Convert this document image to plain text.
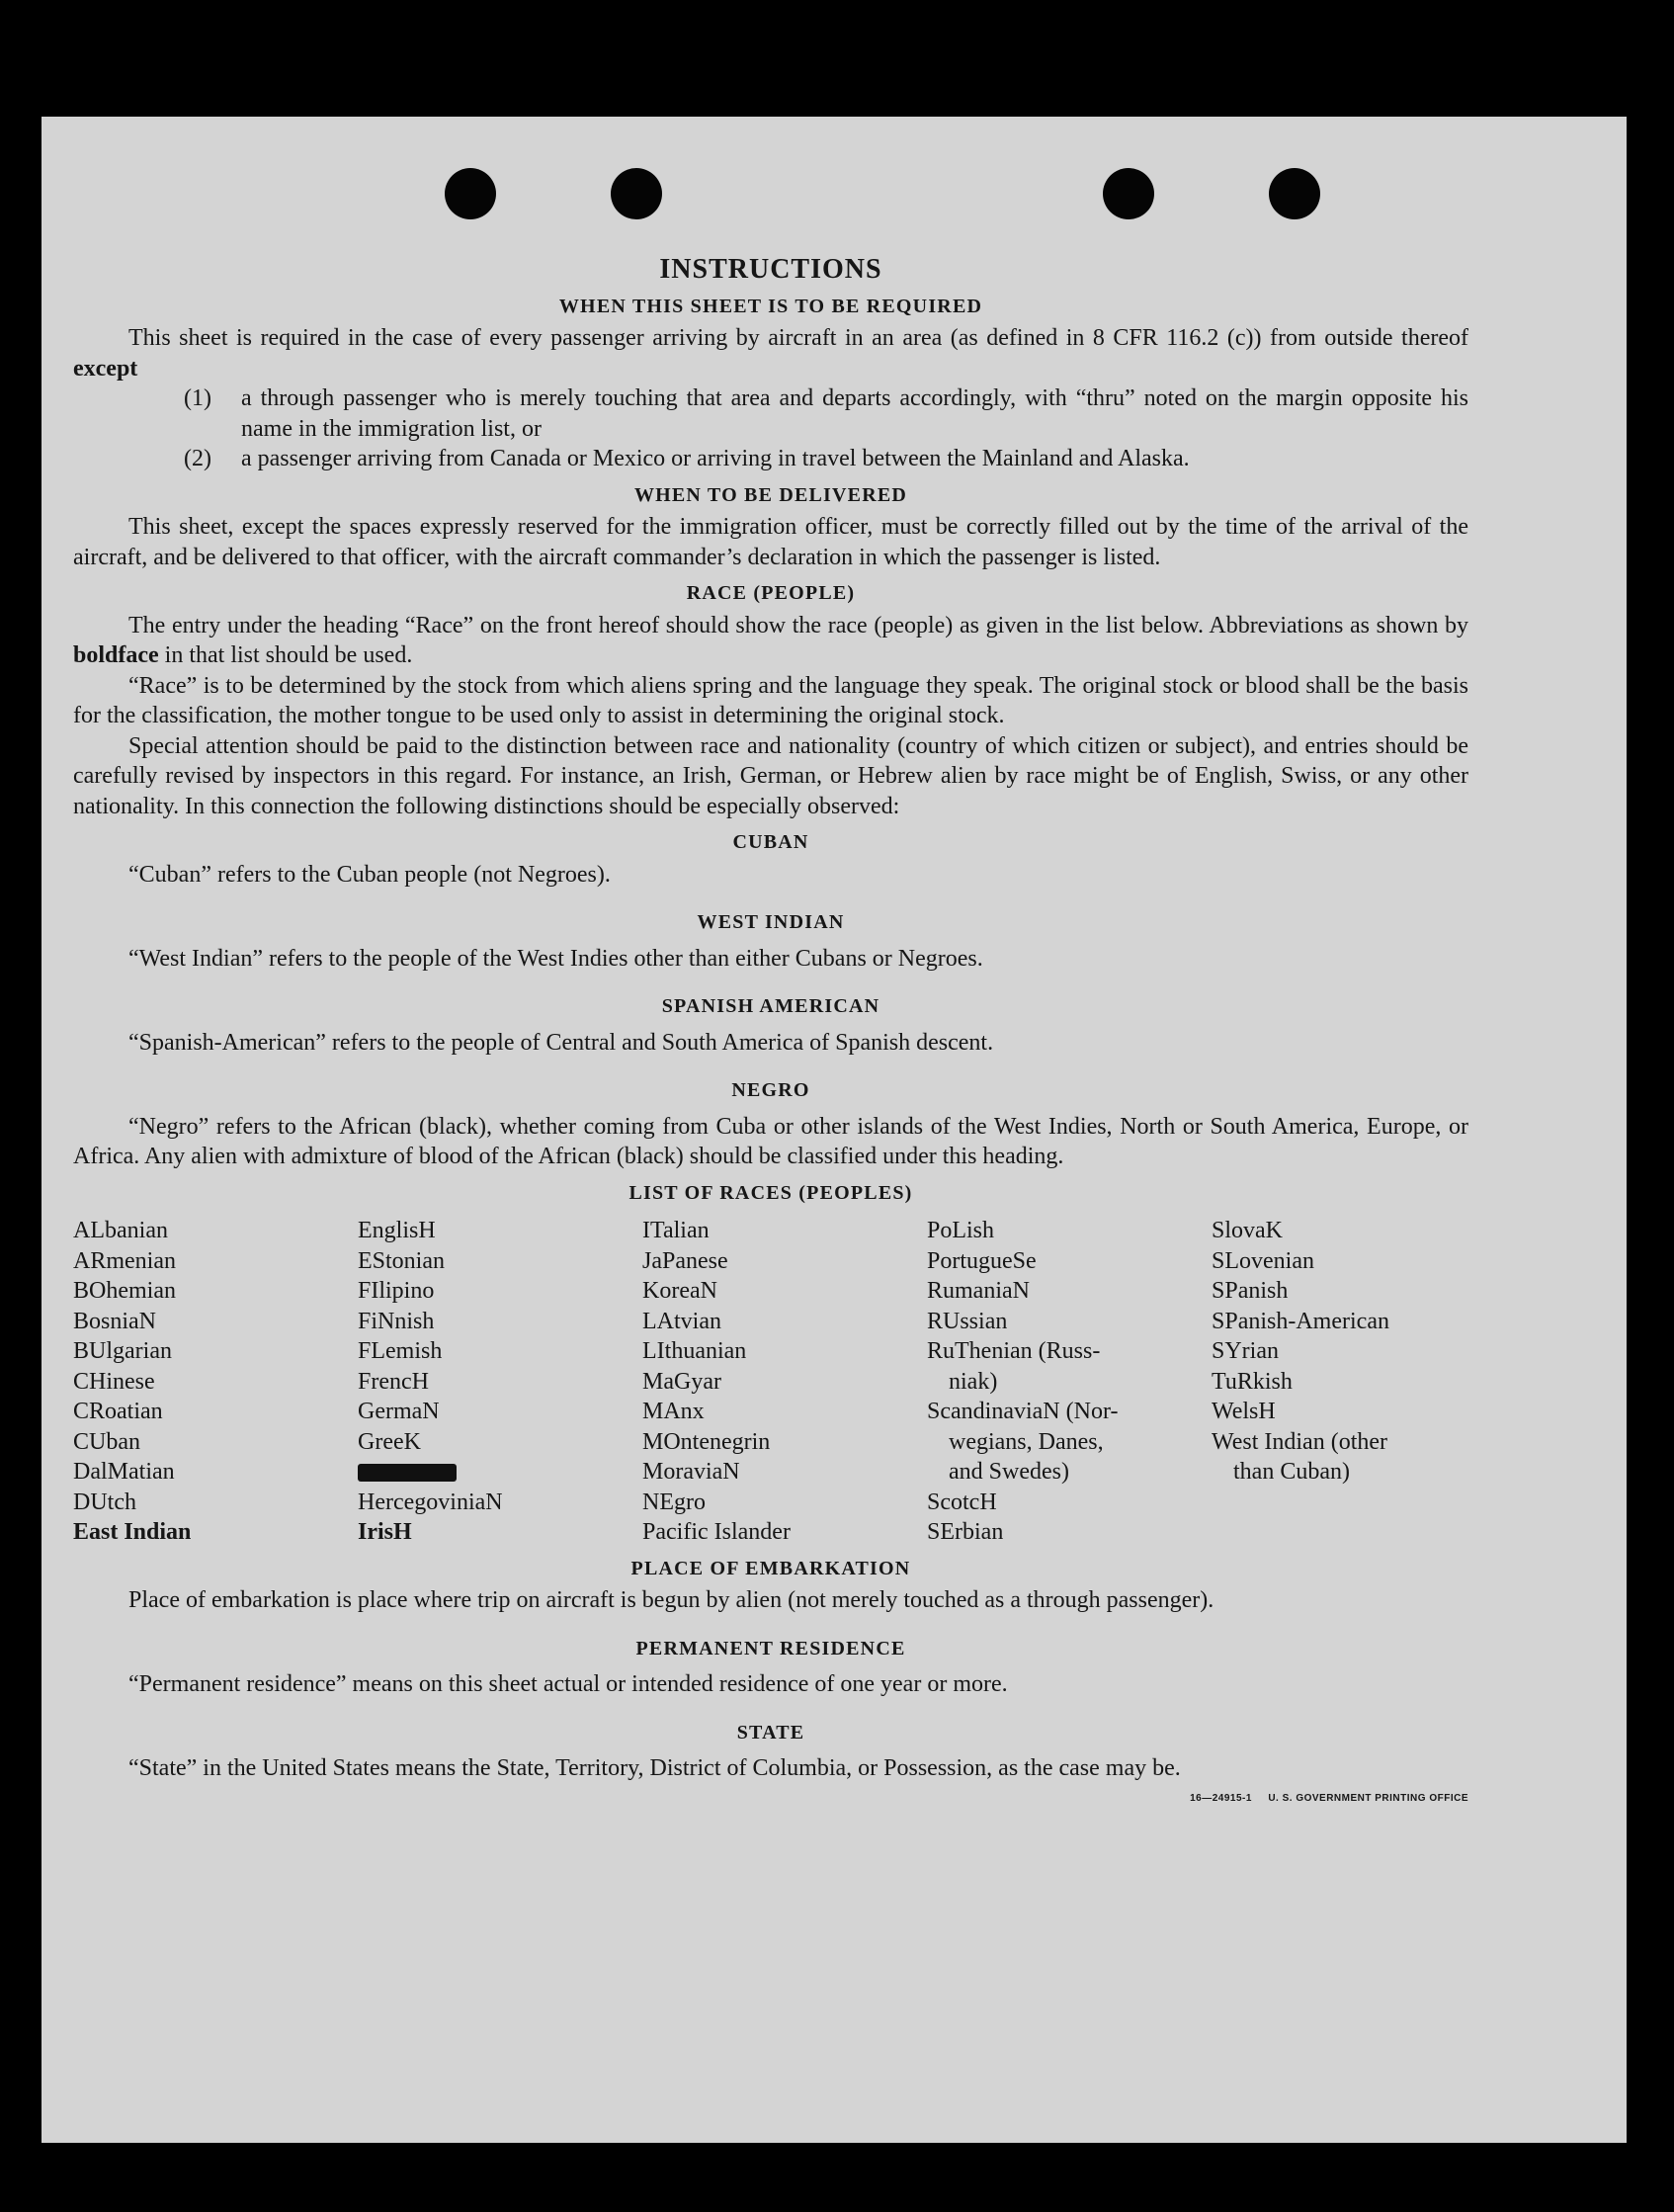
INSTRUCTIONS
WHEN THIS SHEET IS TO BE REQUIRED

This sheet is required in the case of every passenger arriving by aircraft in an area (as defined in 8 CFR 116.2 (c)) from outside thereof except

(1)	a through passenger who is merely touching that area and departs accordingly, with “thru” noted on the margin opposite his name in the immigration list, or
(2)	a passenger arriving from Canada or Mexico or arriving in travel between the Mainland and Alaska.
WHEN TO BE DELIVERED

This sheet, except the spaces expressly reserved for the immigration officer, must be correctly filled out by the time of the arrival of the aircraft, and be delivered to that officer, with the aircraft commander’s declaration in which the passenger is listed.

RACE (PEOPLE)

The entry under the heading “Race” on the front hereof should show the race (people) as given in the list below. Abbreviations as shown by boldface in that list should be used.

“Race” is to be determined by the stock from which aliens spring and the language they speak. The original stock or blood shall be the basis for the classification, the mother tongue to be used only to assist in determining the original stock.

Special attention should be paid to the distinction between race and nationality (country of which citizen or subject), and entries should be carefully revised by inspectors in this regard. For instance, an Irish, German, or Hebrew alien by race might be of English, Swiss, or any other nationality. In this connection the following distinctions should be especially observed:

CUBAN

“Cuban” refers to the Cuban people (not Negroes).

WEST INDIAN

“West Indian” refers to the people of the West Indies other than either Cubans or Negroes.

SPANISH AMERICAN

“Spanish-American” refers to the people of Central and South America of Spanish descent.

NEGRO

“Negro” refers to the African (black), whether coming from Cuba or other islands of the West Indies, North or South America, Europe, or Africa. Any alien with admixture of blood of the African (black) should be classified under this heading.

LIST OF RACES (PEOPLES)
ALbanian
ARmenian
BOhemian
BosniaN
BUlgarian
CHinese
CRoatian
CUban
DalMatian
DUtch
East Indian
EnglisH
EStonian
FIlipino
FiNnish
FLemish
FrencH
GermaN
GreeK
HercegoviniaN
IrisH
ITalian
JaPanese
KoreaN
LAtvian
LIthuanian
MaGyar
MAnx
MOntenegrin
MoraviaN
NEgro
Pacific Islander
PoLish
PortugueSe
RumaniaN
RUssian
RuThenian (Russ-
niak)
ScandinaviaN (Nor-
wegians, Danes,
and Swedes)
ScotcH
SErbian
SlovaK
SLovenian
SPanish
SPanish-American
SYrian
TuRkish
WelsH
West Indian (other
than Cuban)
PLACE OF EMBARKATION

Place of embarkation is place where trip on aircraft is begun by alien (not merely touched as a through passenger).

PERMANENT RESIDENCE

“Permanent residence” means on this sheet actual or intended residence of one year or more.

STATE

“State” in the United States means the State, Territory, District of Columbia, or Possession, as the case may be.

16—24915-1 U. S. GOVERNMENT PRINTING OFFICE
